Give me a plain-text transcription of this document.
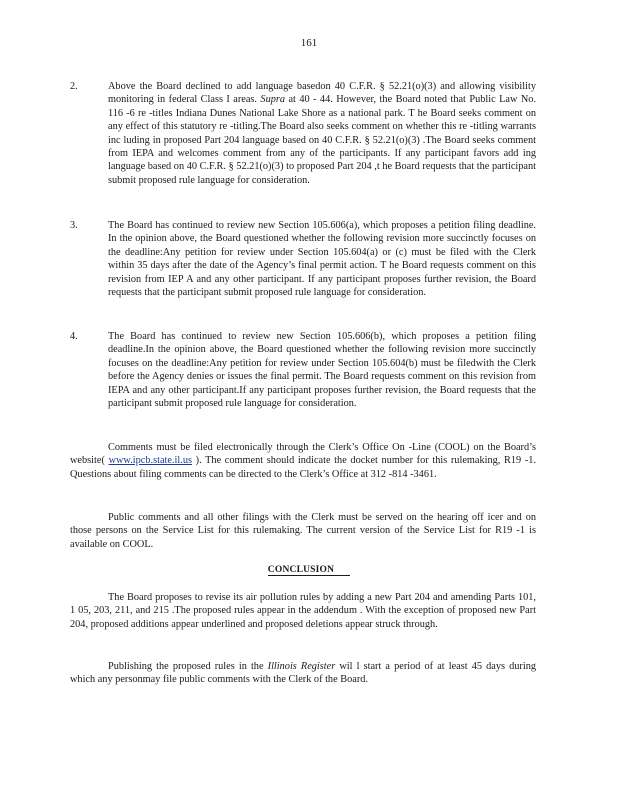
161
2.	Above the Board declined to add language basedon 40 C.F.R. § 52.21(o)(3) and allowing visibility monitoring in federal Class I areas. Supra at 40 - 44. However, the Board noted that Public Law No. 116 -6 re -titles Indiana Dunes National Lake Shore as a national park. T he Board seeks comment on any effect of this statutory re -titling.The Board also seeks comment on whether this re -titling warrants inc luding in proposed Part 204 language based on 40 C.F.R. § 52.21(o)(3) .The Board seeks comment from IEPA and welcomes comment from any of the participants. If any participant favors add ing language based on 40 C.F.R. § 52.21(o)(3) to proposed Part 204 ,t he Board requests that the participant submit proposed rule language for consideration.
3.	The Board has continued to review new Section 105.606(a), which proposes a petition filing deadline. In the opinion above, the Board questioned whether the following revision more succinctly focuses on the deadline:Any petition for review under Section 105.604(a) or (c) must be filed with the Clerk within 35 days after the date of the Agency’s final permit action. T he Board requests comment on this revision from IEP A and any other participant. If any participant proposes further revision, the Board requests that the participant submit proposed rule language for consideration.
4.	The Board has continued to review new Section 105.606(b), which proposes a petition filing deadline.In the opinion above, the Board questioned whether the following revision more succinctly focuses on the deadline:Any petition for review under Section 105.604(b) must be filedwith the Clerk before the Agency denies or issues the final permit. The Board requests comment on this revision from IEPA and any other participant.If any participant proposes further revision, the Board requests that the participant submit proposed rule language for consideration.
Comments must be filed electronically through the Clerk’s Office On -Line (COOL) on the Board’s website( www.ipcb.state.il.us ). The comment should indicate the docket number for this rulemaking, R19 -1. Questions about filing comments can be directed to the Clerk’s Office at 312 -814 -3461.
Public comments and all other filings with the Clerk must be served on the hearing off icer and on those persons on the Service List for this rulemaking. The current version of the Service List for R19 -1 is available on COOL.
CONCLUSION
The Board proposes to revise its air pollution rules by adding a new Part 204 and amending Parts 101, 1 05, 203, 211, and 215 .The proposed rules appear in the addendum . With the exception of proposed new Part 204, proposed additions appear underlined and proposed deletions appear struck through.
Publishing the proposed rules in the Illinois Register wil l start a period of at least 45 days during which any personmay file public comments with the Clerk of the Board.
